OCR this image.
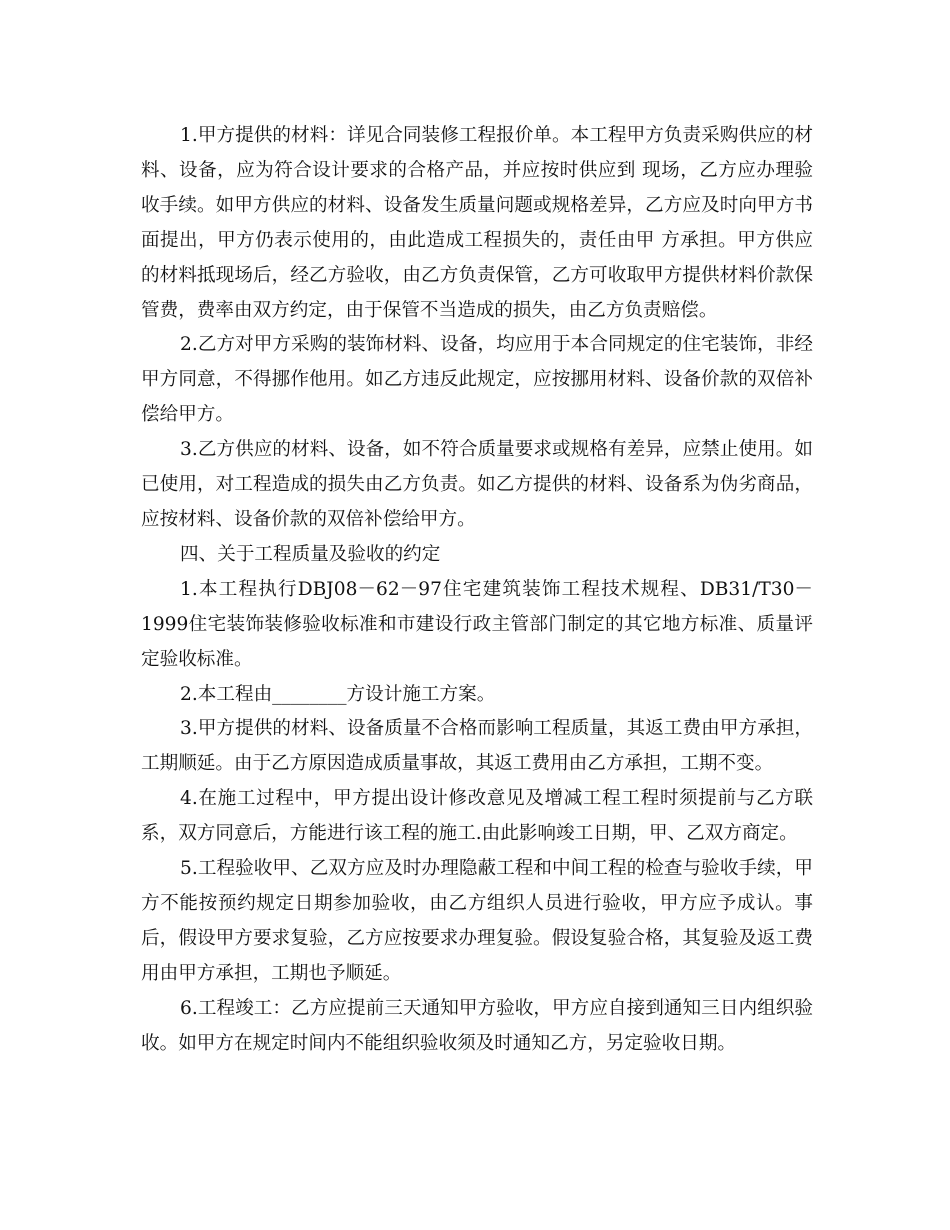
1.甲方提供的材料：详见合同装修工程报价单。本工程甲方负责采购供应的材料、设备，应为符合设计要求的合格产品，并应按时供应到 现场，乙方应办理验收手续。如甲方供应的材料、设备发生质量问题或规格差异，乙方应及时向甲方书面提出，甲方仍表示使用的，由此造成工程损失的，责任由甲 方承担。甲方供应的材料抵现场后，经乙方验收，由乙方负责保管，乙方可收取甲方提供材料价款保管费，费率由双方约定，由于保管不当造成的损失，由乙方负责赔偿。

2.乙方对甲方采购的装饰材料、设备，均应用于本合同规定的住宅装饰，非经甲方同意，不得挪作他用。如乙方违反此规定，应按挪用材料、设备价款的双倍补偿给甲方。

3.乙方供应的材料、设备，如不符合质量要求或规格有差异，应禁止使用。如已使用，对工程造成的损失由乙方负责。如乙方提供的材料、设备系为伪劣商品，应按材料、设备价款的双倍补偿给甲方。

四、关于工程质量及验收的约定

1.本工程执行DBJ08－62－97住宅建筑装饰工程技术规程、DB31/T30－1999住宅装饰装修验收标准和市建设行政主管部门制定的其它地方标准、质量评定验收标准。

2.本工程由________方设计施工方案。

3.甲方提供的材料、设备质量不合格而影响工程质量，其返工费由甲方承担，工期顺延。由于乙方原因造成质量事故，其返工费用由乙方承担，工期不变。

4.在施工过程中，甲方提出设计修改意见及增减工程工程时须提前与乙方联系，双方同意后，方能进行该工程的施工.由此影响竣工日期，甲、乙双方商定。

5.工程验收甲、乙双方应及时办理隐蔽工程和中间工程的检查与验收手续，甲方不能按预约规定日期参加验收，由乙方组织人员进行验收，甲方应予成认。事后，假设甲方要求复验，乙方应按要求办理复验。假设复验合格，其复验及返工费用由甲方承担，工期也予顺延。

6.工程竣工：乙方应提前三天通知甲方验收，甲方应自接到通知三日内组织验收。如甲方在规定时间内不能组织验收须及时通知乙方，另定验收日期。
